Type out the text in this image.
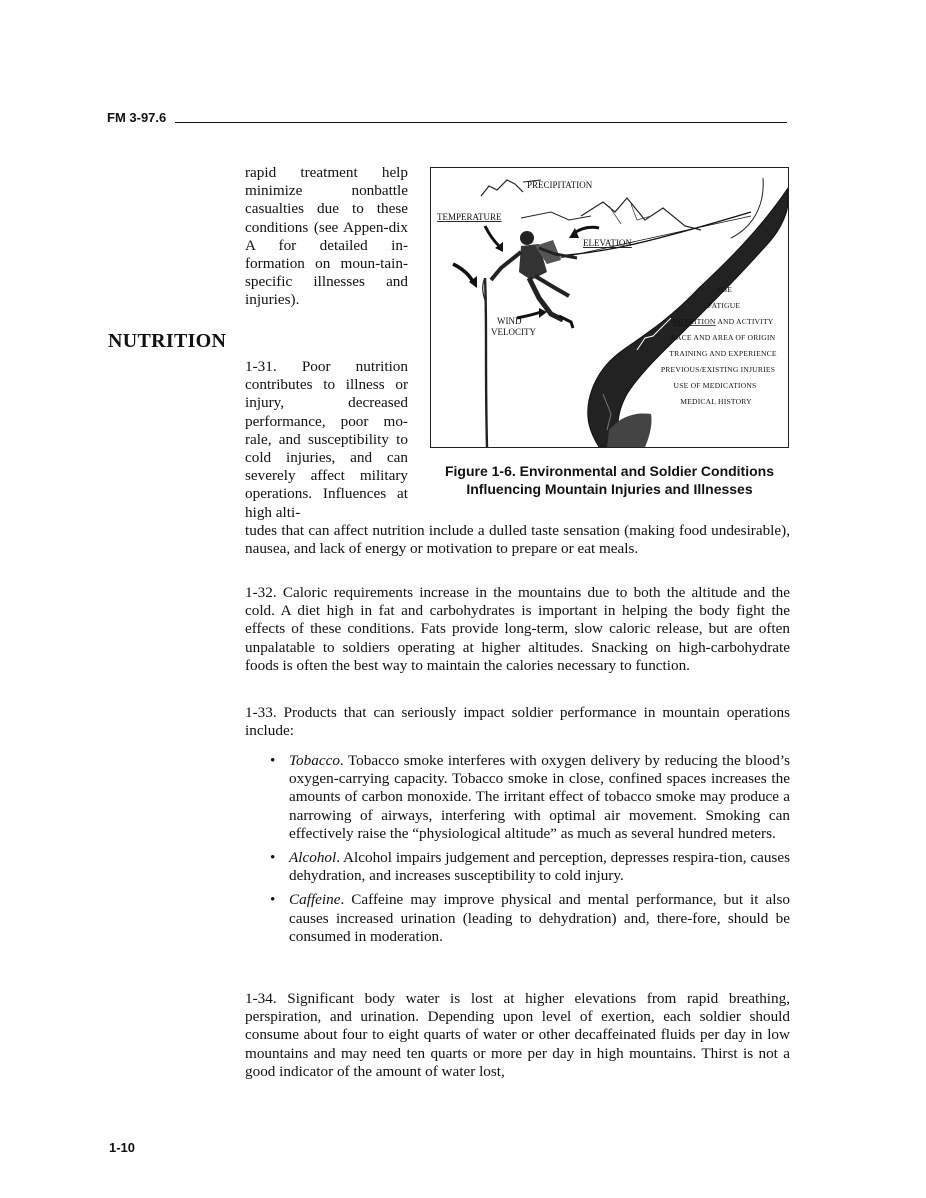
FM 3-97.6
rapid treatment help minimize nonbattle casualties due to these conditions (see Appen-dix A for detailed in-formation on moun-tain-specific illnesses and injuries).
NUTRITION
1-31. Poor nutrition contributes to illness or injury, decreased performance, poor mo-rale, and susceptibility to cold injuries, and can severely affect military operations. Influences at high alti-
PRECIPITATION
TEMPERATURE
ELEVATION
WIND
VELOCITY
AGE
FATIGUE
NUTRITION AND ACTIVITY
RACE AND AREA OF ORIGIN
TRAINING AND EXPERIENCE
PREVIOUS/EXISTING INJURIES
USE OF MEDICATIONS
MEDICAL HISTORY
Figure 1-6. Environmental and Soldier Conditions
Influencing Mountain Injuries and Illnesses
tudes that can affect nutrition include a dulled taste sensation (making food undesirable), nausea, and lack of energy or motivation to prepare or eat meals.
1-32. Caloric requirements increase in the mountains due to both the altitude and the cold. A diet high in fat and carbohydrates is important in helping the body fight the effects of these conditions. Fats provide long-term, slow caloric release, but are often unpalatable to soldiers operating at higher altitudes. Snacking on high-carbohydrate foods is often the best way to maintain the calories necessary to function.
1-33. Products that can seriously impact soldier performance in mountain operations include:
• Tobacco. Tobacco smoke interferes with oxygen delivery by reducing the blood’s oxygen-carrying capacity. Tobacco smoke in close, confined spaces increases the amounts of carbon monoxide. The irritant effect of tobacco smoke may produce a narrowing of airways, interfering with optimal air movement. Smoking can effectively raise the “physiological altitude” as much as several hundred meters.
• Alcohol. Alcohol impairs judgement and perception, depresses respira-tion, causes dehydration, and increases susceptibility to cold injury.
• Caffeine. Caffeine may improve physical and mental performance, but it also causes increased urination (leading to dehydration) and, there-fore, should be consumed in moderation.
1-34. Significant body water is lost at higher elevations from rapid breathing, perspiration, and urination. Depending upon level of exertion, each soldier should consume about four to eight quarts of water or other decaffeinated fluids per day in low mountains and may need ten quarts or more per day in high mountains. Thirst is not a good indicator of the amount of water lost,
1-10
